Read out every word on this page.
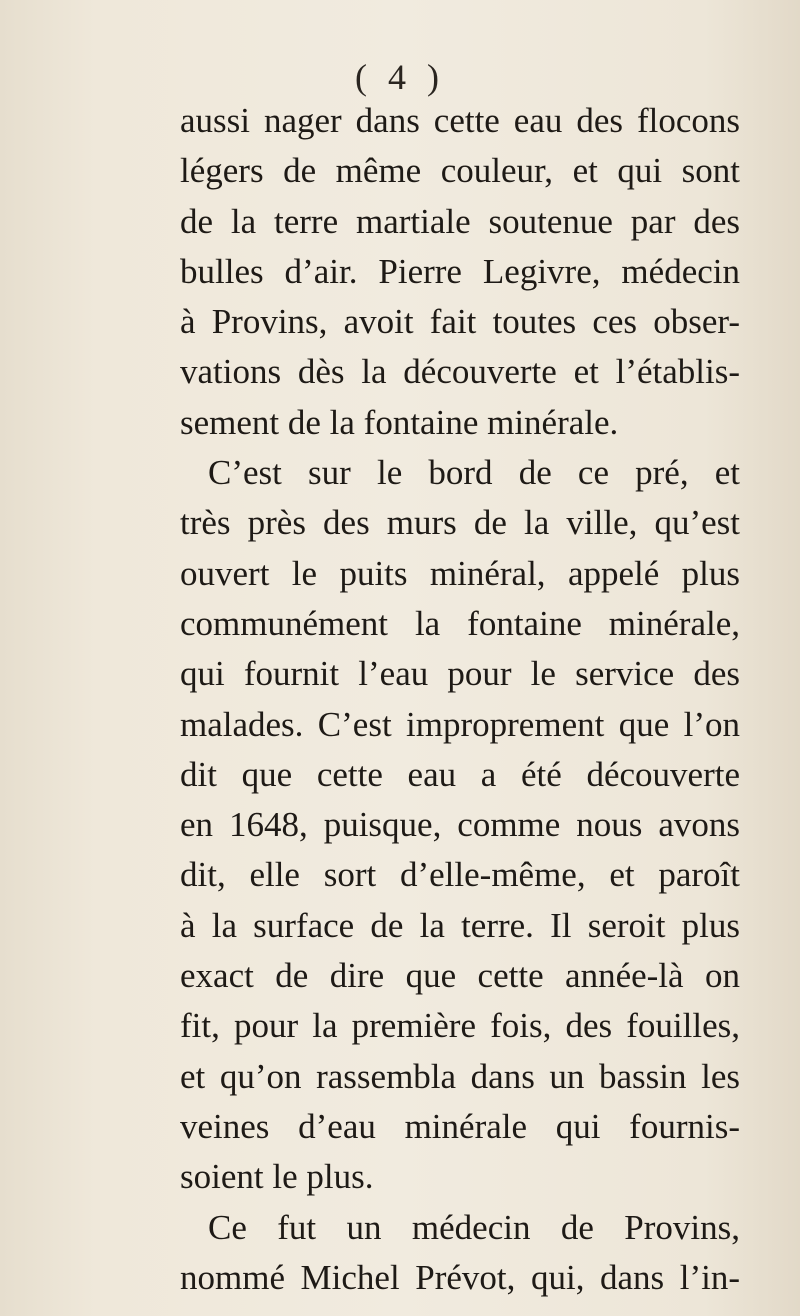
( 4 )
aussi nager dans cette eau des flocons
légers de même couleur, et qui sont
de la terre martiale soutenue par des
bulles d’air. Pierre Legivre, médecin
à Provins, avoit fait toutes ces obser-
vations dès la découverte et l’établis-
sement de la fontaine minérale.
C’est sur le bord de ce pré, et
très près des murs de la ville, qu’est
ouvert le puits minéral, appelé plus
communément la fontaine minérale,
qui fournit l’eau pour le service des
malades. C’est improprement que l’on
dit que cette eau a été découverte
en 1648, puisque, comme nous avons
dit, elle sort d’elle-même, et paroît
à la surface de la terre. Il seroit plus
exact de dire que cette année-là on
fit, pour la première fois, des fouilles,
et qu’on rassembla dans un bassin les
veines d’eau minérale qui fournis-
soient le plus.
Ce fut un médecin de Provins,
nommé Michel Prévot, qui, dans l’in-
